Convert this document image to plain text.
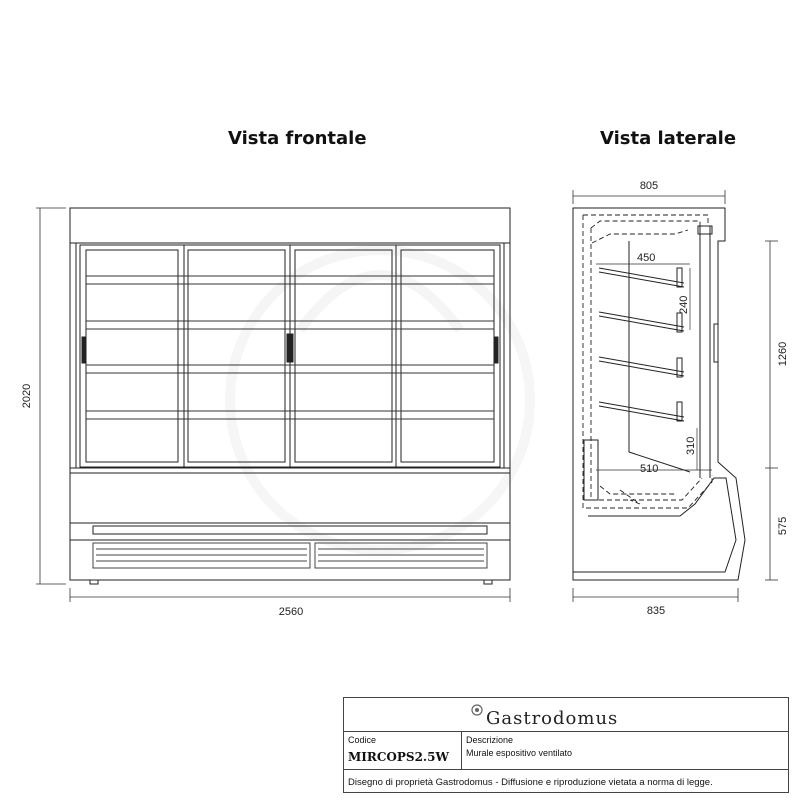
Vista frontale	Vista laterale
2020
2560
450
240
510
310
805
835
1260
575
Gastrodomus
Codice
MIRCOPS2.5W
Descrizione
Murale espositivo ventilato
Disegno di proprietà Gastrodomus - Diffusione e riproduzione vietata a norma di legge.
